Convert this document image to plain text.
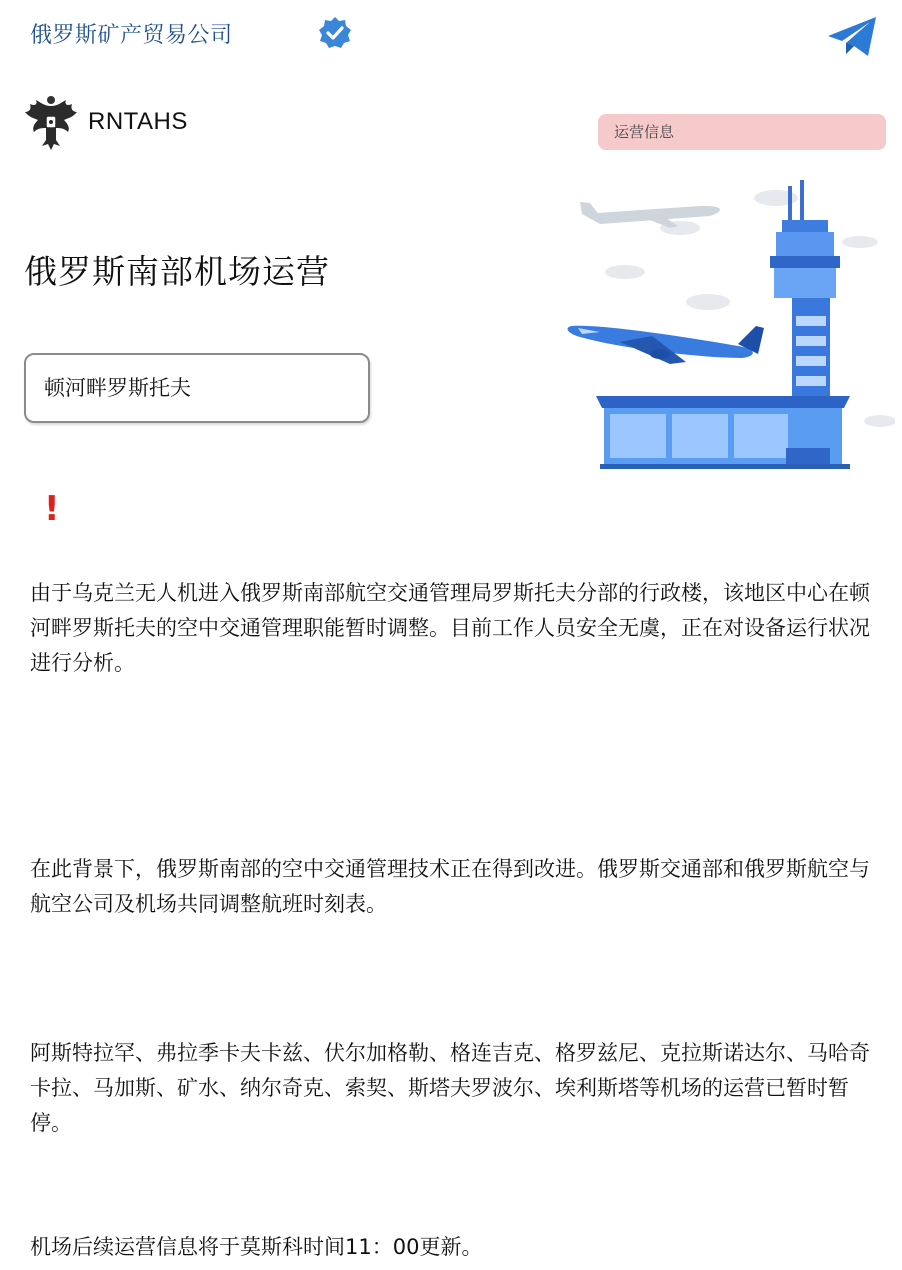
俄罗斯矿产贸易公司
RNTAHS	运营信息
俄罗斯南部机场运营
顿河畔罗斯托夫
!
由于乌克兰无人机进入俄罗斯南部航空交通管理局罗斯托夫分部的行政楼，该地区中心在顿河畔罗斯托夫的空中交通管理职能暂时调整。目前工作人员安全无虞，正在对设备运行状况进行分析。
在此背景下，俄罗斯南部的空中交通管理技术正在得到改进。俄罗斯交通部和俄罗斯航空与航空公司及机场共同调整航班时刻表。
阿斯特拉罕、弗拉季卡夫卡兹、伏尔加格勒、格连吉克、格罗兹尼、克拉斯诺达尔、马哈奇卡拉、马加斯、矿水、纳尔奇克、索契、斯塔夫罗波尔、埃利斯塔等机场的运营已暂时暂停。
机场后续运营信息将于莫斯科时间11：00更新。
